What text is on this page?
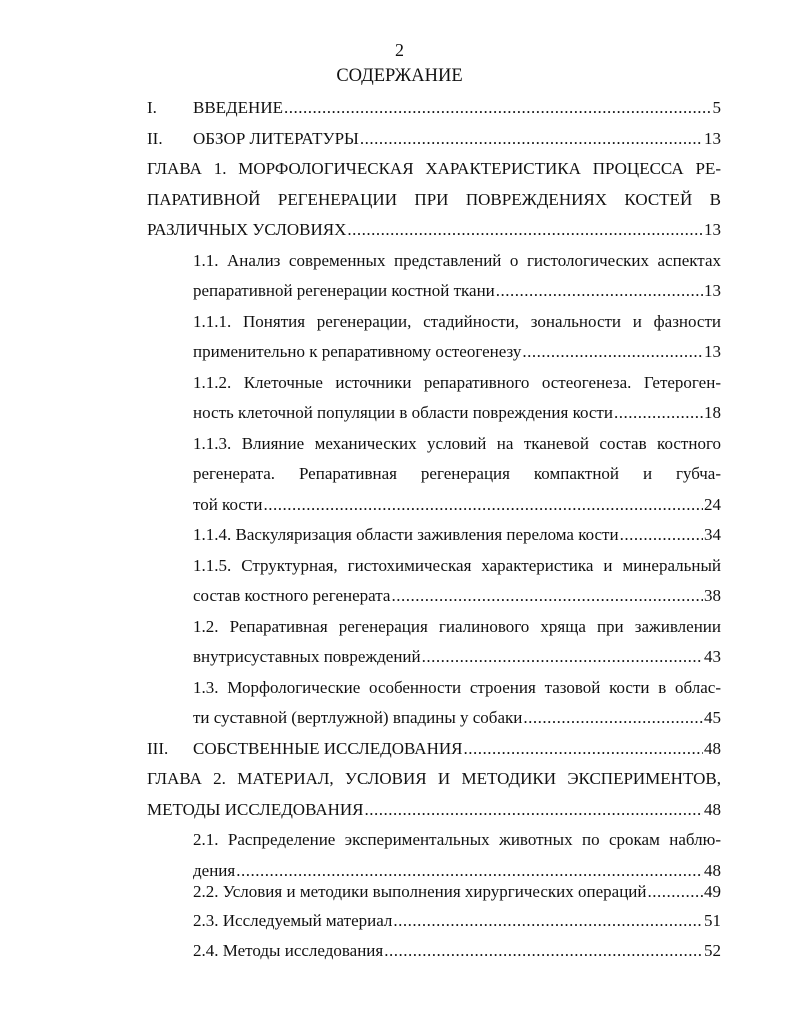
2
СОДЕРЖАНИЕ
I. ВВЕДЕНИЕ .....	5
II. ОБЗОР ЛИТЕРАТУРЫ .....	13
ГЛАВА 1. МОРФОЛОГИЧЕСКАЯ ХАРАКТЕРИСТИКА ПРОЦЕССА РЕ-
ПАРАТИВНОЙ РЕГЕНЕРАЦИИ ПРИ ПОВРЕЖДЕНИЯХ КОСТЕЙ В
РАЗЛИЧНЫХ УСЛОВИЯХ .....	13
1.1. Анализ современных представлений о гистологических аспектах
репаративной регенерации костной ткани .....	13
1.1.1. Понятия регенерации, стадийности, зональности и фазности
применительно к репаративному остеогенезу .....	13
1.1.2. Клеточные источники репаративного остеогенеза. Гетероген-
ность клеточной популяции в области повреждения кости .....	18
1.1.3. Влияние механических условий на тканевой состав костного
регенерата. Репаративная регенерация компактной и губча-
той кости .....	24
1.1.4. Васкуляризация области заживления перелома кости .....	34
1.1.5. Структурная, гистохимическая характеристика и минеральный
состав костного регенерата .....	38
1.2. Репаративная регенерация гиалинового хряща при заживлении
внутрисуставных повреждений .....	43
1.3. Морфологические особенности строения тазовой кости в облас-
ти суставной (вертлужной) впадины у собаки .....	45
III. СОБСТВЕННЫЕ ИССЛЕДОВАНИЯ .....	48
ГЛАВА 2. МАТЕРИАЛ, УСЛОВИЯ И МЕТОДИКИ ЭКСПЕРИМЕНТОВ,
МЕТОДЫ ИССЛЕДОВАНИЯ .....	48
2.1. Распределение экспериментальных животных по срокам наблю-
дения .....	48
2.2. Условия и методики выполнения хирургических операций .....	49
2.3. Исследуемый материал .....	51
2.4. Методы исследования .....	52
